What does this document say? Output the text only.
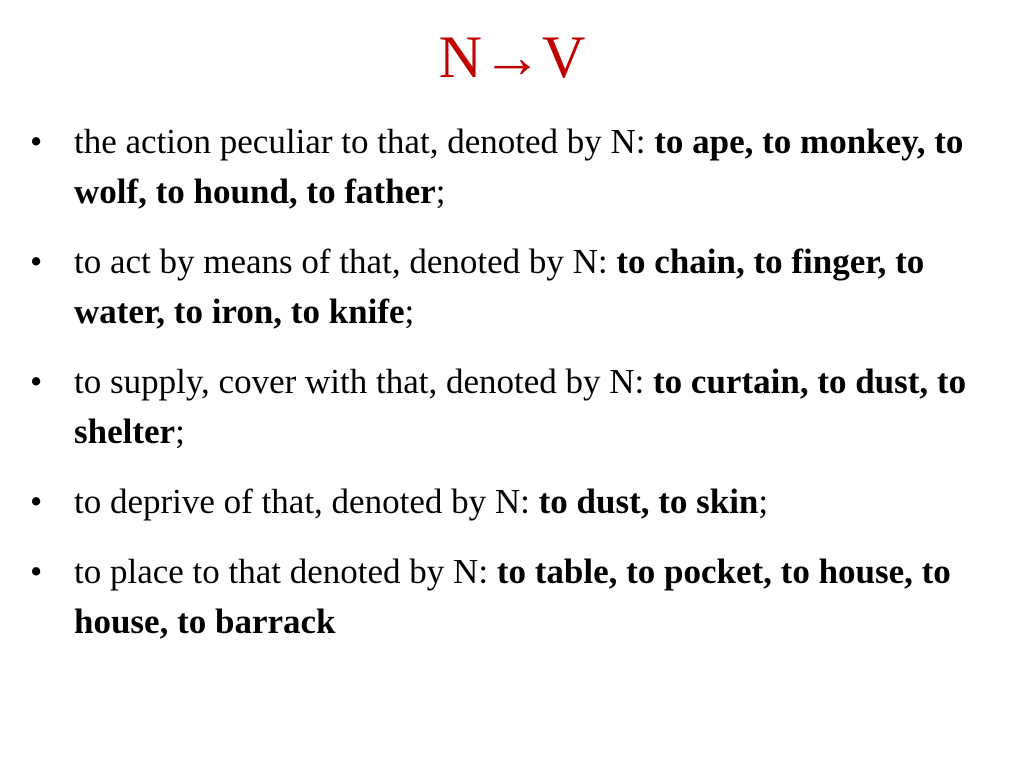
N→V
• the action peculiar to that, denoted by N: to ape, to monkey, to wolf, to hound, to father;
• to act by means of that, denoted by N: to chain, to finger, to water, to iron, to knife;
• to supply, cover with that, denoted by N: to curtain, to dust, to shelter;
• to deprive of that, denoted by N: to dust, to skin;
• to place to that denoted by N: to table, to pocket, to house, to house, to barrack
